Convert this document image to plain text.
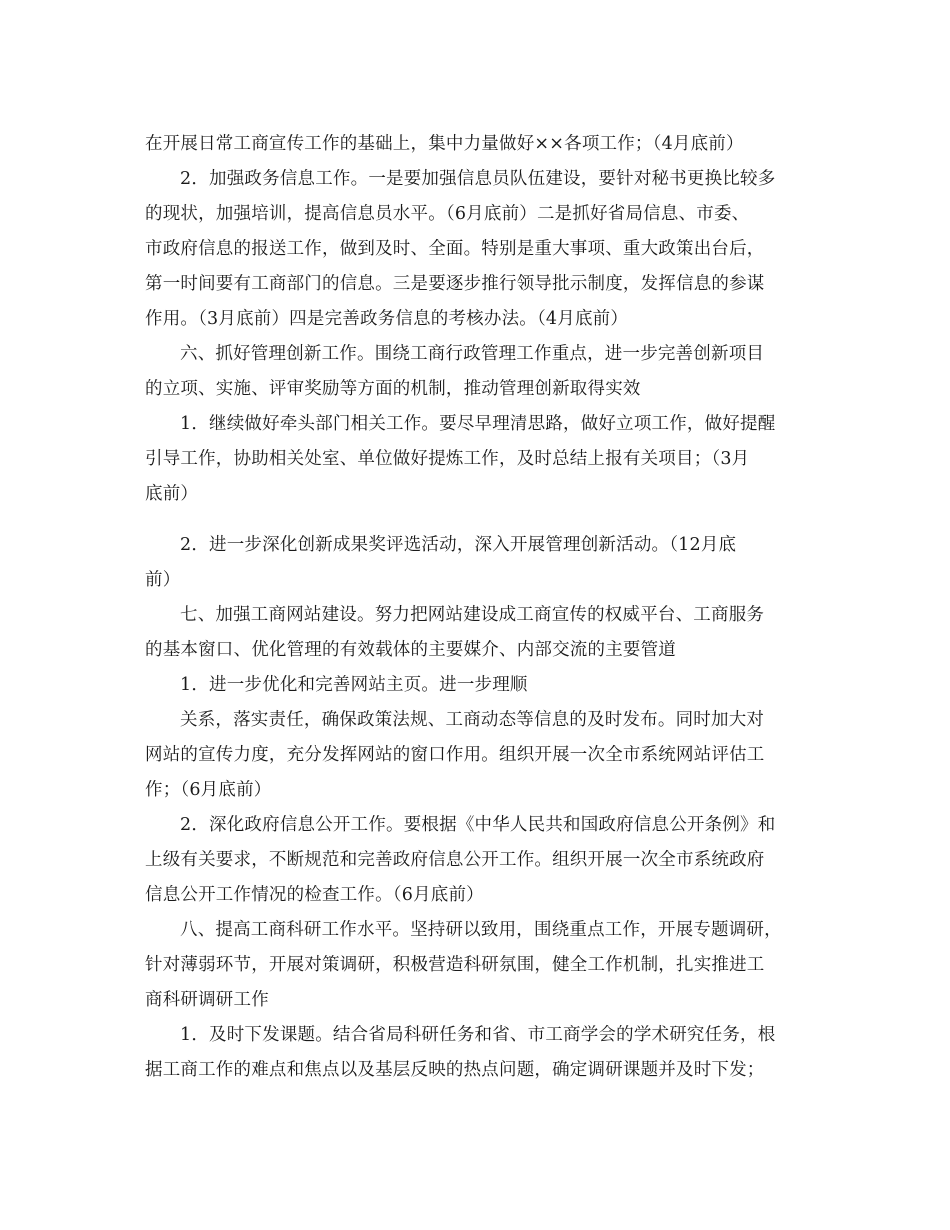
在开展日常工商宣传工作的基础上，集中力量做好××各项工作；（4月底前）
2．加强政务信息工作。一是要加强信息员队伍建设，要针对秘书更换比较多
的现状，加强培训，提高信息员水平。（6月底前）二是抓好省局信息、市委、
市政府信息的报送工作，做到及时、全面。特别是重大事项、重大政策出台后，
第一时间要有工商部门的信息。三是要逐步推行领导批示制度，发挥信息的参谋
作用。（3月底前）四是完善政务信息的考核办法。（4月底前）
六、抓好管理创新工作。围绕工商行政管理工作重点，进一步完善创新项目
的立项、实施、评审奖励等方面的机制，推动管理创新取得实效
1．继续做好牵头部门相关工作。要尽早理清思路，做好立项工作，做好提醒
引导工作，协助相关处室、单位做好提炼工作，及时总结上报有关项目；（3月
底前）
2．进一步深化创新成果奖评选活动，深入开展管理创新活动。（12月底
前）
七、加强工商网站建设。努力把网站建设成工商宣传的权威平台、工商服务
的基本窗口、优化管理的有效载体的主要媒介、内部交流的主要管道
1．进一步优化和完善网站主页。进一步理顺
关系，落实责任，确保政策法规、工商动态等信息的及时发布。同时加大对
网站的宣传力度，充分发挥网站的窗口作用。组织开展一次全市系统网站评估工
作；（6月底前）
2．深化政府信息公开工作。要根据《中华人民共和国政府信息公开条例》和
上级有关要求，不断规范和完善政府信息公开工作。组织开展一次全市系统政府
信息公开工作情况的检查工作。（6月底前）
八、提高工商科研工作水平。坚持研以致用，围绕重点工作，开展专题调研，
针对薄弱环节，开展对策调研，积极营造科研氛围，健全工作机制，扎实推进工
商科研调研工作
1．及时下发课题。结合省局科研任务和省、市工商学会的学术研究任务，根
据工商工作的难点和焦点以及基层反映的热点问题，确定调研课题并及时下发；
